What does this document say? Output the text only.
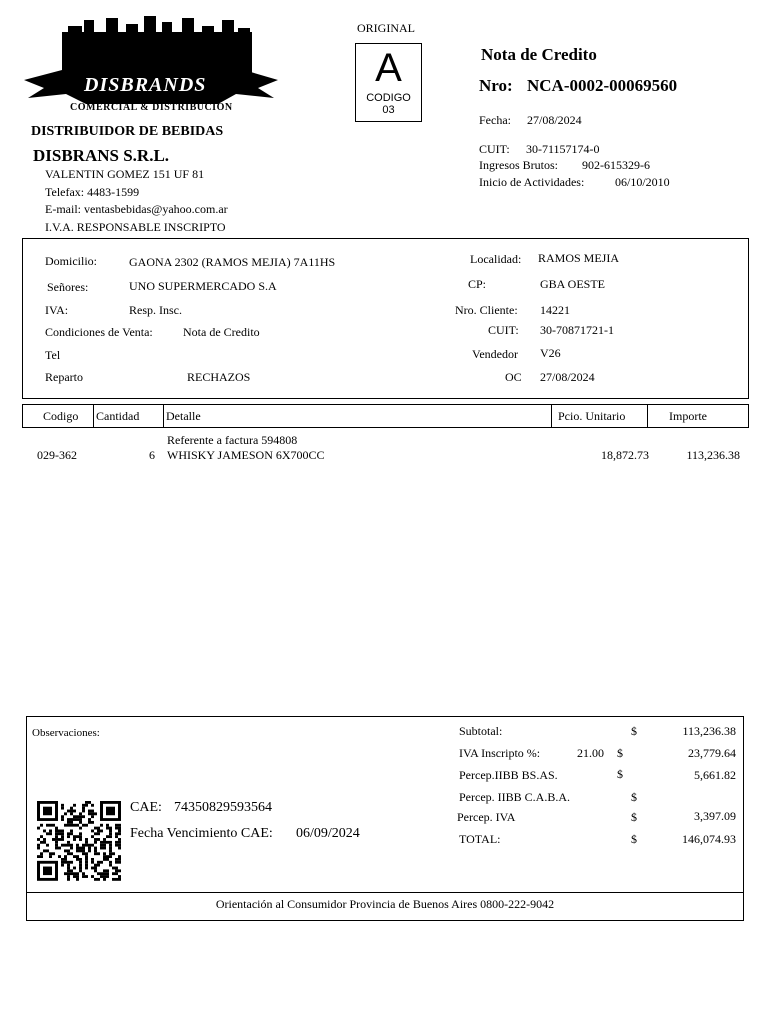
DISBRANDS
COMERCIAL & DISTRIBUCIÓN
DISTRIBUIDOR DE BEBIDAS
DISBRANS S.R.L.
VALENTIN GOMEZ 151 UF 81
Telefax: 4483-1599
E-mail: ventasbebidas@yahoo.com.ar
I.V.A. RESPONSABLE INSCRIPTO
ORIGINAL
A
CODIGO
03
Nota de Credito
Nro: NCA-0002-00069560
Fecha: 27/08/2024
CUIT: 30-71157174-0
Ingresos Brutos: 902-615329-6
Inicio de Actividades:	06/10/2010
Domicilio:	GAONA 2302 (RAMOS MEJIA) 7A11HS
Señores:	UNO SUPERMERCADO S.A
IVA:	Resp. Insc.
Condiciones de Venta:	Nota de Credito
Tel
Reparto	RECHAZOS
Localidad: RAMOS MEJIA
CP:	GBA OESTE
Nro. Cliente: 14221
CUIT: 30-70871721-1
Vendedor V26
OC 27/08/2024
Codigo Cantidad Detalle	Pcio. Unitario	Importe
Referente a factura 594808
029-362	6 WHISKY JAMESON 6X700CC	18,872.73	113,236.38
Observaciones:
CAE: 74350829593564
Fecha Vencimiento CAE: 06/09/2024
Subtotal:	$	113,236.38
IVA Inscripto %:	21.00 $	23,779.64
Percep.IIBB BS.AS.	$	5,661.82
Percep. IIBB C.A.B.A.	$
Percep. IVA	$	3,397.09
TOTAL:	$	146,074.93
Orientación al Consumidor Provincia de Buenos Aires 0800-222-9042
